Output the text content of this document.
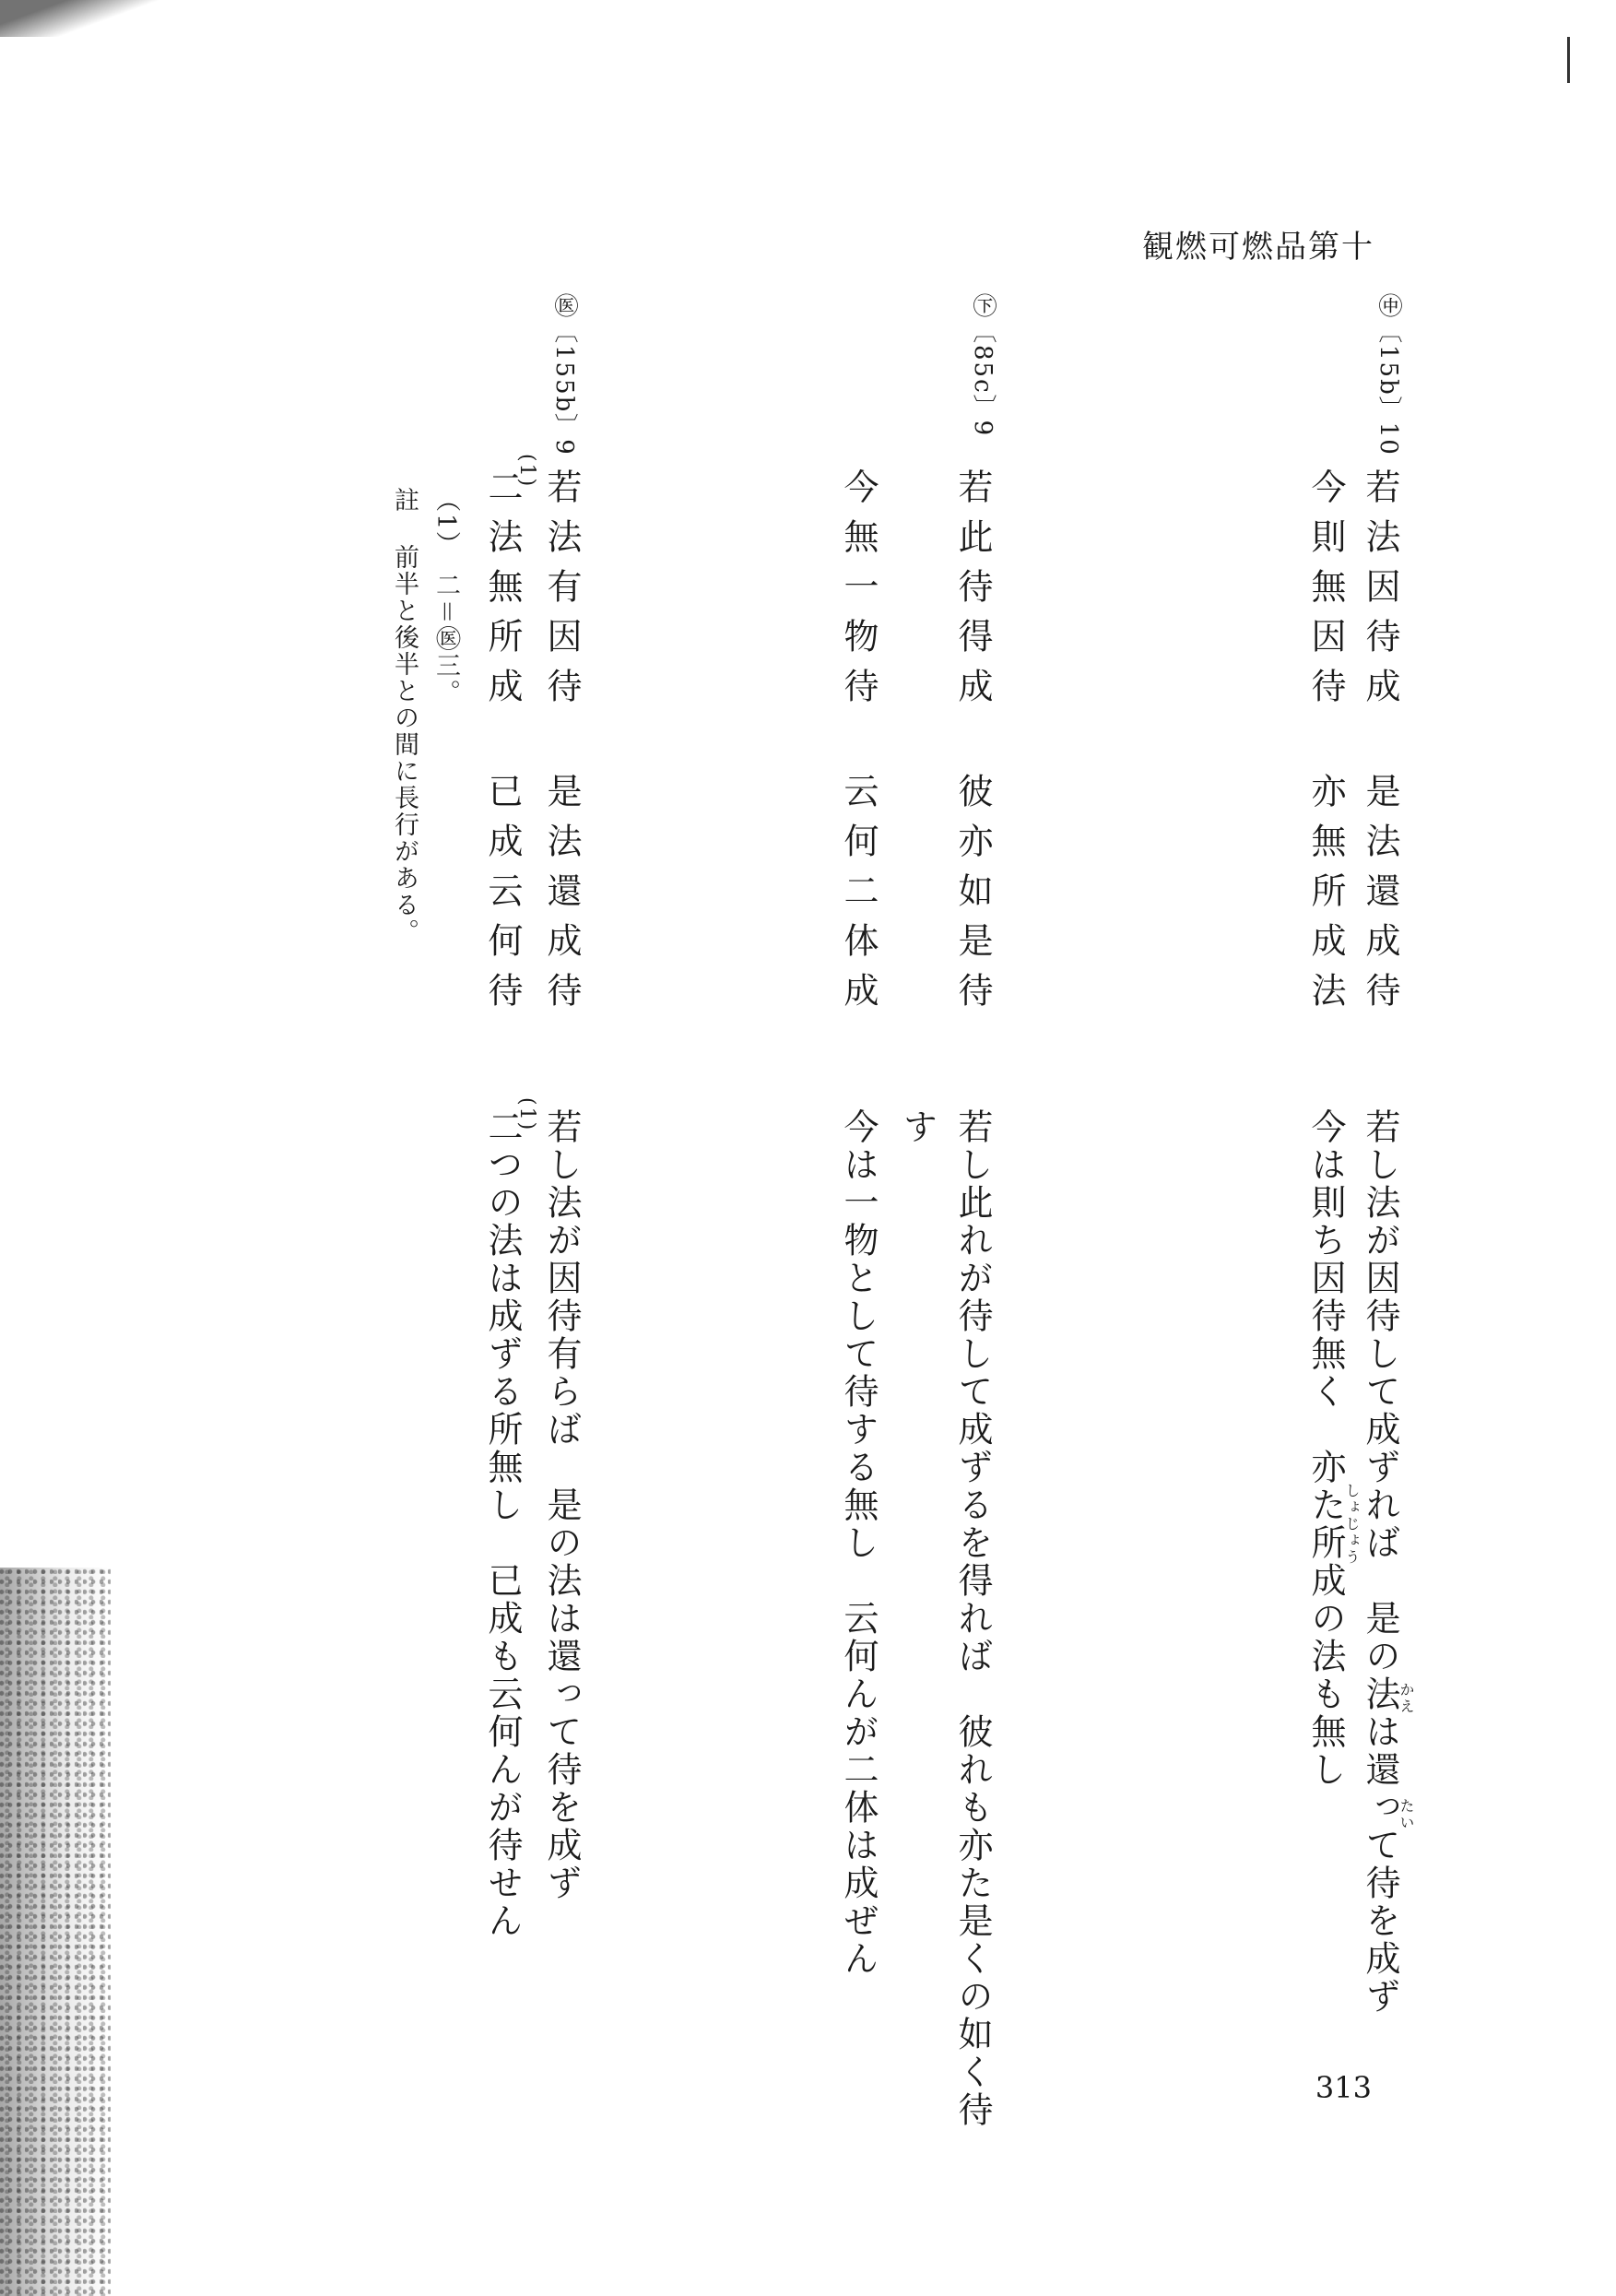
観燃可燃品第十
㊥〔15b〕10
若法因待成
是法還成待
今則無因待
亦無所成法
㊦〔85c〕9
若此待得成
彼亦如是待
今無一物待
云何二体成
㊩〔155b〕9
(1) 若法有因待
是法還成待
二法無所成
已成云何待
（1）　二＝㊩三。
註
前半と後半との間に長行がある。
若し法が因待して成ずれば　是の法は還って待を成ず
かえ
たい
今は則ち因待無く　亦た所成の法も無し
しょじょう
若し此れが待して成ずるを得れば　彼れも亦た是くの如く待
す
今は一物として待する無し　云何んが二体は成ぜん
(1) 若し法が因待有らば　是の法は還って待を成ず
二つの法は成ずる所無し　已成も云何んが待せん
313
